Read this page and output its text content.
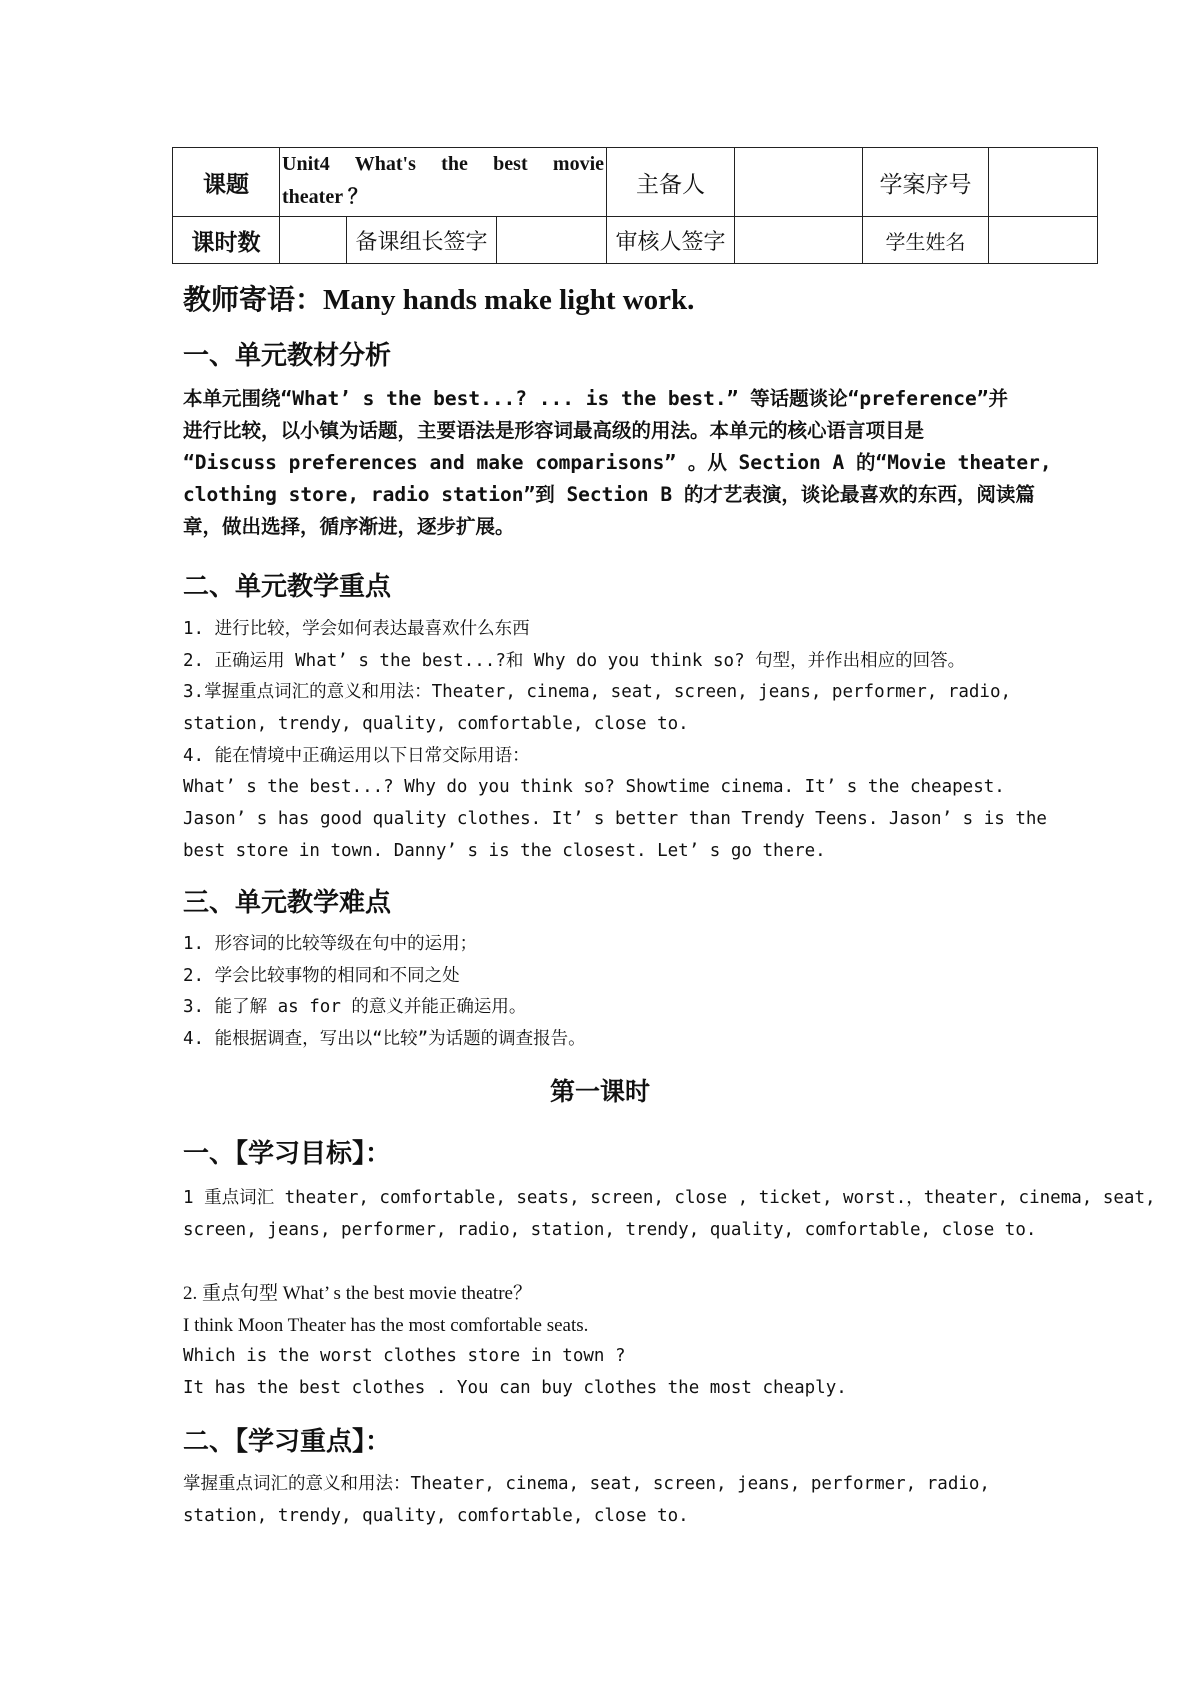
课题	Unit4 What's the best movie
theater ？			主备人		学案序号	
课时数		备课组长签字		审核人签字		学生姓名	
教师寄语：Many hands make light work.
一、单元教材分析
本单元围绕“What’ s the best...? ... is the best.” 等话题谈论“preference”并
进行比较，以小镇为话题，主要语法是形容词最高级的用法。本单元的核心语言项目是
“Discuss preferences and make comparisons” 。从 Section A 的“Movie theater,
clothing store, radio station”到 Section B 的才艺表演，谈论最喜欢的东西，阅读篇
章，做出选择，循序渐进，逐步扩展。
二、单元教学重点
1. 进行比较，学会如何表达最喜欢什么东西
2. 正确运用 What’ s the best...?和 Why do you think so? 句型，并作出相应的回答。
3.掌握重点词汇的意义和用法：Theater, cinema, seat, screen, jeans, performer, radio,
station, trendy, quality, comfortable, close to.
4. 能在情境中正确运用以下日常交际用语：
What’ s the best...? Why do you think so? Showtime cinema. It’ s the cheapest.
Jason’ s has good quality clothes. It’ s better than Trendy Teens. Jason’ s is the
best store in town. Danny’ s is the closest. Let’ s go there.
三、单元教学难点
1. 形容词的比较等级在句中的运用；
2. 学会比较事物的相同和不同之处
3. 能了解 as for 的意义并能正确运用。
4. 能根据调查，写出以“比较”为话题的调查报告。
第一课时
一、【学习目标】：
1 重点词汇 theater, comfortable, seats, screen, close , ticket, worst.，theater, cinema, seat,
screen, jeans, performer, radio, station, trendy, quality, comfortable, close to.
2. 重点句型 What’ s the best movie theatre？
I think Moon Theater has the most comfortable seats.
Which is the worst clothes store in town ?
It has the best clothes . You can buy clothes the most cheaply.
二、【学习重点】：
掌握重点词汇的意义和用法：Theater, cinema, seat, screen, jeans, performer, radio,
station, trendy, quality, comfortable, close to.
